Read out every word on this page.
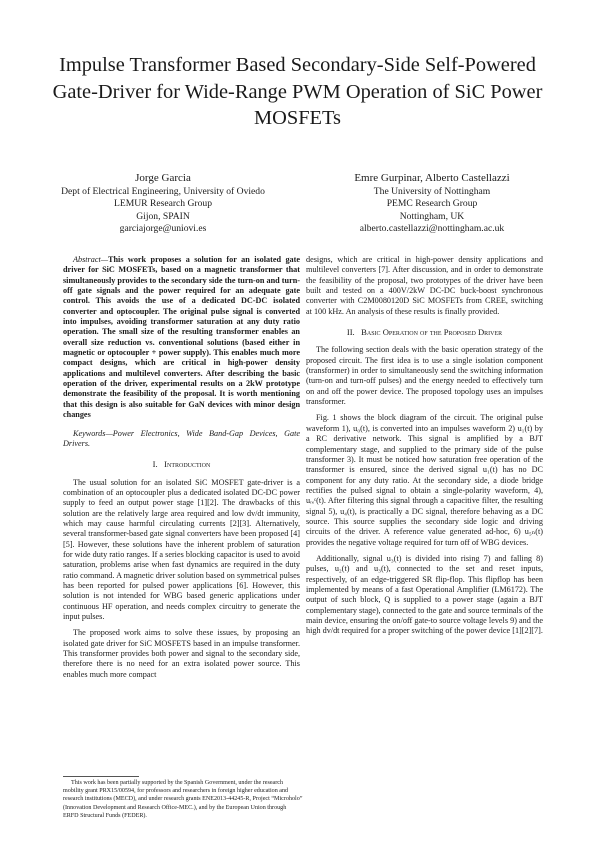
Impulse Transformer Based Secondary-Side Self-Powered Gate-Driver for Wide-Range PWM Operation of SiC Power MOSFETs
Jorge Garcia
Dept of Electrical Engineering, University of Oviedo
LEMUR Research Group
Gijon, SPAIN
garciajorge@uniovi.es
Emre Gurpinar, Alberto Castellazzi
The University of Nottingham
PEMC Research Group
Nottingham, UK
alberto.castellazzi@nottingham.ac.uk

Abstract—This work proposes a solution for an isolated gate driver for SiC MOSFETs, based on a magnetic transformer that simultaneously provides to the secondary side the turn-on and turn-off gate signals and the power required for an adequate gate control. This avoids the use of a dedicated DC-DC isolated converter and optocoupler. The original pulse signal is converted into impulses, avoiding transformer saturation at any duty ratio operation. The small size of the resulting transformer enables an overall size reduction vs. conventional solutions (based either in magnetic or optocoupler + power supply). This enables much more compact designs, which are critical in high-power density applications and multilevel converters. After describing the basic operation of the driver, experimental results on a 2kW prototype demonstrate the feasibility of the proposal. It is worth mentioning that this design is also suitable for GaN devices with minor design changes

Keywords—Power Electronics, Wide Band-Gap Devices, Gate Drivers.

I. Introduction

The usual solution for an isolated SiC MOSFET gate-driver is a combination of an optocoupler plus a dedicated isolated DC-DC power supply to feed an output power stage [1][2]. The drawbacks of this solution are the relatively large area required and low dv/dt immunity, which may cause harmful circulating currents [2][3]. Alternatively, several transformer-based gate signal converters have been proposed [4][5]. However, these solutions have the inherent problem of saturation for wide duty ratio ranges. If a series blocking capacitor is used to avoid saturation, problems arise when fast dynamics are required in the duty ratio command. A magnetic driver solution based on symmetrical pulses has been reported for pulsed power applications [6]. However, this solution is not intended for WBG based generic applications under continuous HF operation, and needs complex circuitry to generate the input pulses.

The proposed work aims to solve these issues, by proposing an isolated gate driver for SiC MOSFETS based in an impulse transformer. This transformer provides both power and signal to the secondary side, therefore there is no need for an extra isolated power source. This enables much more compact

designs, which are critical in high-power density applications and multilevel converters [7]. After discussion, and in order to demonstrate the feasibility of the proposal, two prototypes of the driver have been built and tested on a 400V/2kW DC-DC buck-boost synchronous converter with C2M0080120D SiC MOSFETs from CREE, switching at 100 kHz. An analysis of these results is finally provided.

II. Basic Operation of the Proposed Driver

The following section deals with the basic operation strategy of the proposed circuit. The first idea is to use a single isolation component (transformer) in order to simultaneously send the switching information (turn-on and turn-off pulses) and the energy needed to effectively turn on and off the power device. The proposed topology uses an impulses transformer.

Fig. 1 shows the block diagram of the circuit. The original pulse waveform 1), u₀(t), is converted into an impulses waveform 2) u₁(t) by a RC derivative network. This signal is amplified by a BJT complementary stage, and supplied to the primary side of the pulse transformer 3). It must be noticed how saturation free operation of the transformer is ensured, since the derived signal u₁(t) has no DC component for any duty ratio. At the secondary side, a diode bridge rectifies the pulsed signal to obtain a single-polarity waveform, 4), uᵣₑᶜ(t). After filtering this signal through a capacitive filter, the resulting signal 5), u₄(t), is practically a DC signal, therefore behaving as a DC source. This source supplies the secondary side logic and driving circuits of the driver. A reference value generated ad-hoc, 6) u₅ₙ(t) provides the negative voltage required for turn off of WBG devices.

Additionally, signal u₃(t) is divided into rising 7) and falling 8) pulses, u₂(t) and u₃(t), connected to the set and reset inputs, respectively, of an edge-triggered SR flip-flop. This flipflop has been implemented by means of a fast Operational Amplifier (LM6172). The output of such block, Q is supplied to a power stage (again a BJT complementary stage), connected to the gate and source terminals of the main device, ensuring the on/off gate-to source voltage levels 9) and the high dv/dt required for a proper switching of the power device [1][2][7].

This work has been partially supported by the Spanish Government, under the research mobility grant PRX15/00594, for professors and researchers in foreign higher education and research institutions (MECD), and under research grants ENE2013-44245-R, Project “Microholo” (Innovation Development and Research Office-MEC.), and by the European Union through ERFD Structural Funds (FEDER).
